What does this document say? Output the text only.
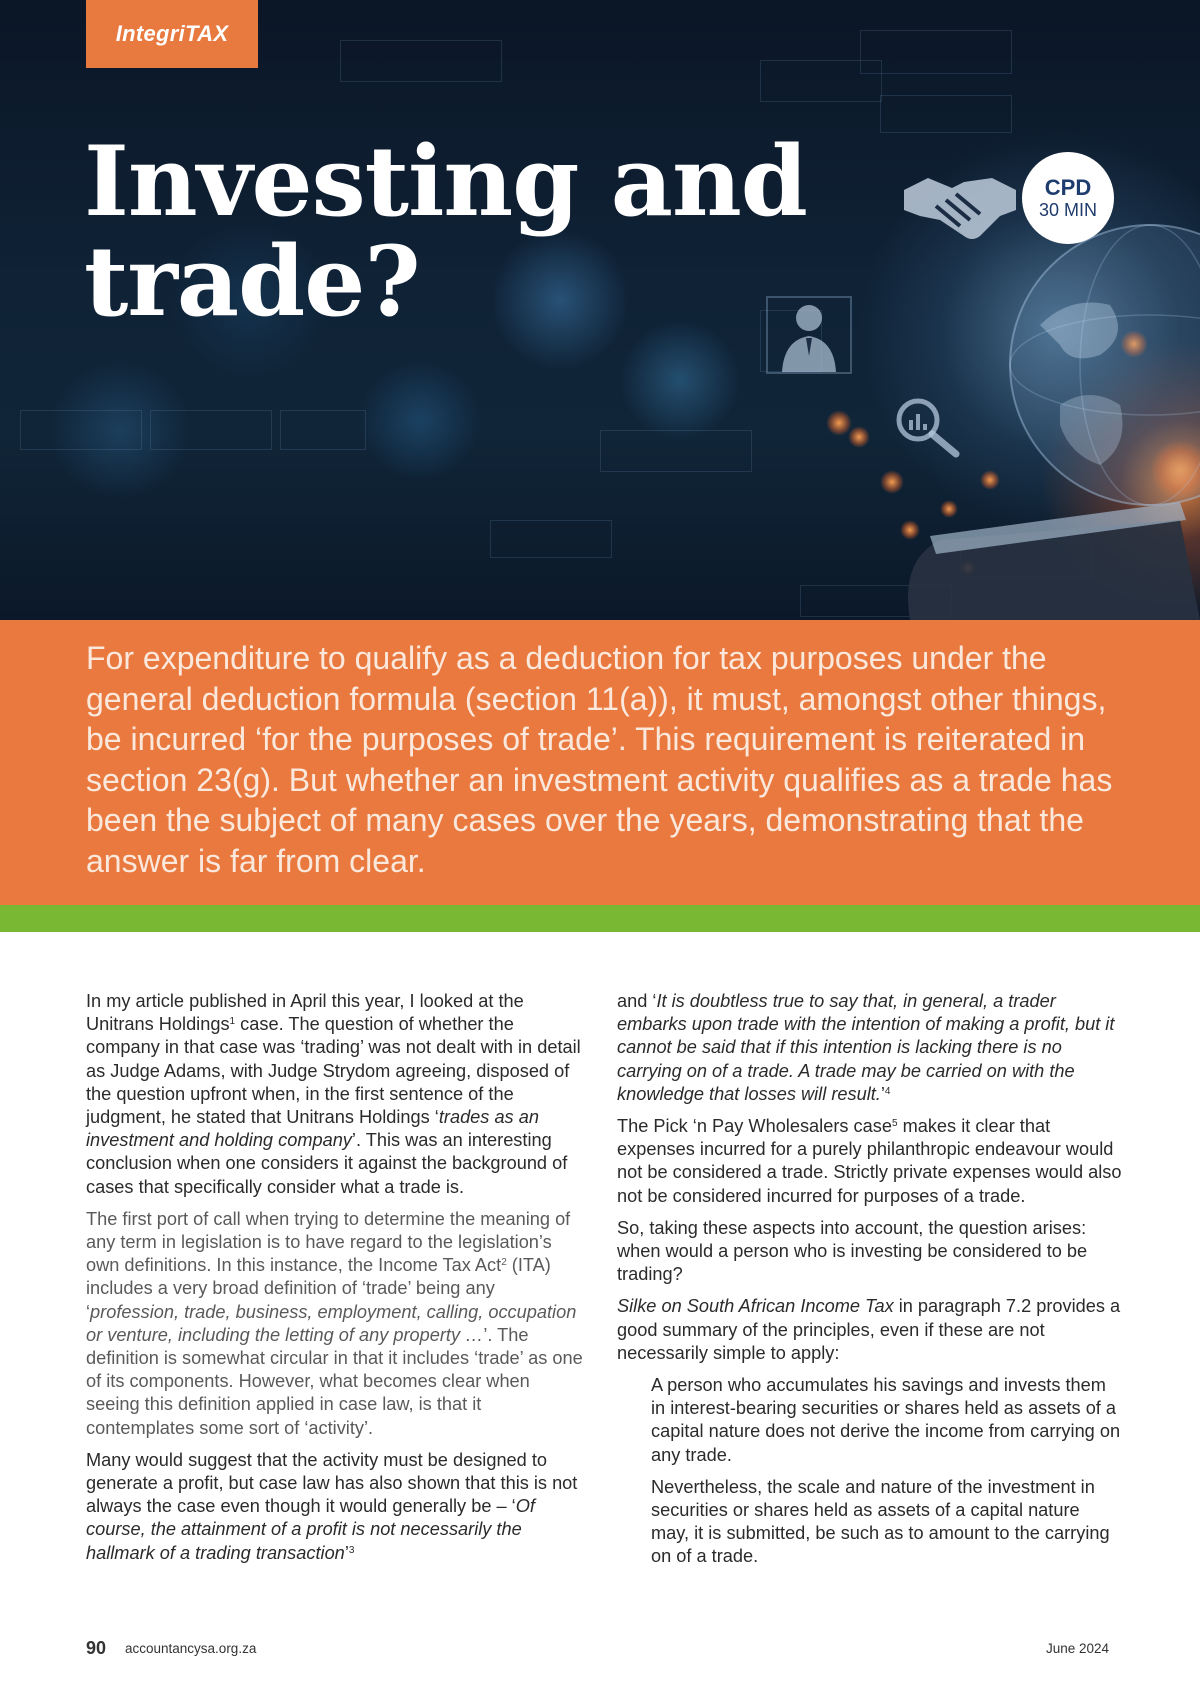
IntegriTAX
Investing and
trade?
CPD
30 MIN

For expenditure to qualify as a deduction for tax purposes under the general deduction formula (section 11(a)), it must, amongst other things, be incurred ‘for the purposes of trade’. This requirement is reiterated in section 23(g). But whether an investment activity qualifies as a trade has been the subject of many cases over the years, demonstrating that the answer is far from clear.

In my article published in April this year, I looked at the Unitrans Holdings$^1$ case. The question of whether the company in that case was ‘trading’ was not dealt with in detail as Judge Adams, with Judge Strydom agreeing, disposed of the question upfront when, in the first sentence of the judgment, he stated that Unitrans Holdings ‘trades as an investment and holding company’. This was an interesting conclusion when one considers it against the background of cases that specifically consider what a trade is.

The first port of call when trying to determine the meaning of any term in legislation is to have regard to the legislation’s own definitions. In this instance, the Income Tax Act$^2$ (ITA) includes a very broad definition of ‘trade’ being any ‘profession, trade, business, employment, calling, occupation or venture, including the letting of any property …’. The definition is somewhat circular in that it includes ‘trade’ as one of its components. However, what becomes clear when seeing this definition applied in case law, is that it contemplates some sort of ‘activity’.

Many would suggest that the activity must be designed to generate a profit, but case law has also shown that this is not always the case even though it would generally be – ‘Of course, the attainment of a profit is not necessarily the hallmark of a trading transaction’$^3$

and ‘It is doubtless true to say that, in general, a trader embarks upon trade with the intention of making a profit, but it cannot be said that if this intention is lacking there is no carrying on of a trade. A trade may be carried on with the knowledge that losses will result.’$^4$

The Pick ‘n Pay Wholesalers case$^5$ makes it clear that expenses incurred for a purely philanthropic endeavour would not be considered a trade. Strictly private expenses would also not be considered incurred for purposes of a trade.

So, taking these aspects into account, the question arises: when would a person who is investing be considered to be trading?

Silke on South African Income Tax in paragraph 7.2 provides a good summary of the principles, even if these are not necessarily simple to apply:

A person who accumulates his savings and invests them in interest-bearing securities or shares held as assets of a capital nature does not derive the income from carrying on any trade.

Nevertheless, the scale and nature of the investment in securities or shares held as assets of a capital nature may, it is submitted, be such as to amount to the carrying on of a trade.

90 accountancysa.org.za	June 2024
